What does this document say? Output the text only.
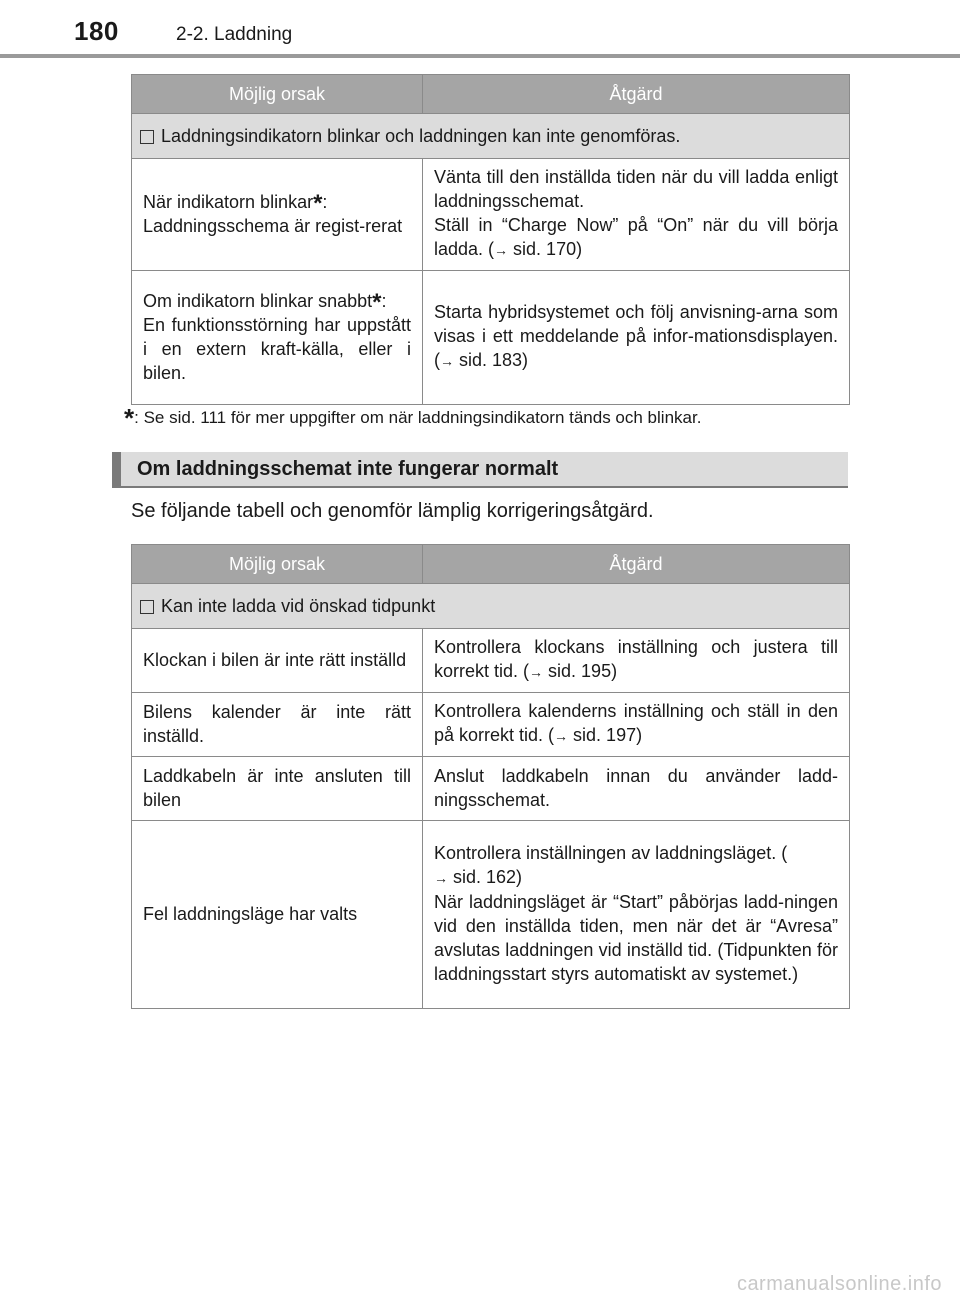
180	2-2. Laddning
Möjlig orsak	Åtgärd
Laddningsindikatorn blinkar och laddningen kan inte genomföras.	
När indikatorn blinkar*:
Laddningsschema är regist-rerat	Vänta till den inställda tiden när du vill ladda enligt laddningsschemat.
Ställ in “Charge Now” på “On” när du vill börja ladda. (→ sid. 170)
Om indikatorn blinkar snabbt*:
En funktionsstörning har uppstått i en extern kraft-källa, eller i bilen.	Starta hybridsystemet och följ anvisning-arna som visas i ett meddelande på infor-mationsdisplayen. (→ sid. 183)
*: Se sid. 111 för mer uppgifter om när laddningsindikatorn tänds och blinkar.
Om laddningsschemat inte fungerar normalt
Se följande tabell och genomför lämplig korrigeringsåtgärd.
Möjlig orsak	Åtgärd
Kan inte ladda vid önskad tidpunkt	
Klockan i bilen är inte rätt inställd	Kontrollera klockans inställning och justera till korrekt tid. (→ sid. 195)
Bilens kalender är inte rätt inställd.	Kontrollera kalenderns inställning och ställ in den på korrekt tid. (→ sid. 197)
Laddkabeln är inte ansluten till bilen	Anslut laddkabeln innan du använder ladd-ningsschemat.
Fel laddningsläge har valts	Kontrollera inställningen av laddningsläget. (
→ sid. 162)
När laddningsläget är “Start” påbörjas ladd-ningen vid den inställda tiden, men när det är “Avresa” avslutas laddningen vid inställd tid. (Tidpunkten för laddningsstart styrs automatiskt av systemet.)
carmanualsonline.info
